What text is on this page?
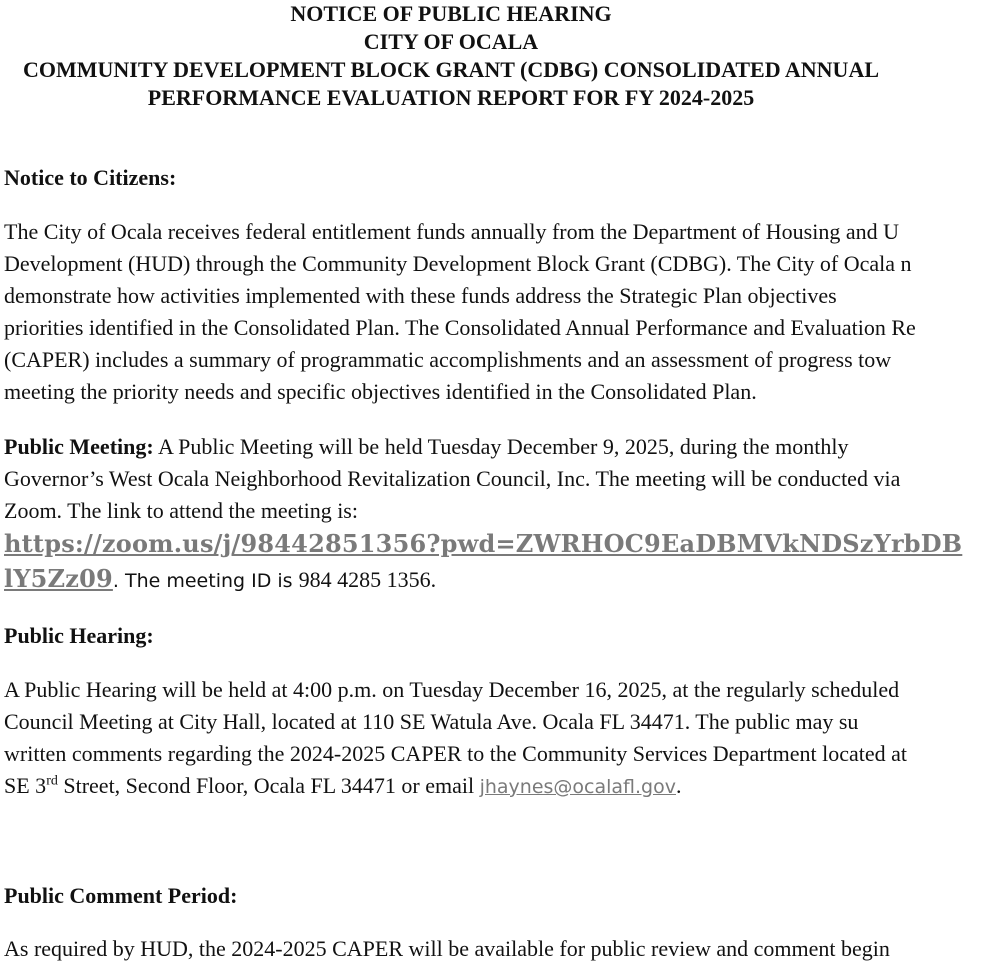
NOTICE OF PUBLIC HEARING
CITY OF OCALA
COMMUNITY DEVELOPMENT BLOCK GRANT (CDBG) CONSOLIDATED ANNUAL
PERFORMANCE EVALUATION REPORT FOR FY 2024-2025
Notice to Citizens:
The City of Ocala receives federal entitlement funds annually from the Department of Housing and U
Development (HUD) through the Community Development Block Grant (CDBG). The City of Ocala n
demonstrate how activities implemented with these funds address the Strategic Plan objectives
priorities identified in the Consolidated Plan. The Consolidated Annual Performance and Evaluation Re
(CAPER) includes a summary of programmatic accomplishments and an assessment of progress tow
meeting the priority needs and specific objectives identified in the Consolidated Plan.
Public Meeting: A Public Meeting will be held Tuesday December 9, 2025, during the monthly
Governor’s West Ocala Neighborhood Revitalization Council, Inc. The meeting will be conducted via
Zoom. The link to attend the meeting is:
https://zoom.us/j/98442851356?pwd=ZWRHOC9EaDBMVkNDSzYrbDB
lY5Zz09. The meeting ID is 984 4285 1356.
Public Hearing:
A Public Hearing will be held at 4:00 p.m. on Tuesday December 16, 2025, at the regularly scheduled
Council Meeting at City Hall, located at 110 SE Watula Ave. Ocala FL 34471. The public may su
written comments regarding the 2024-2025 CAPER to the Community Services Department located at
SE 3rd Street, Second Floor, Ocala FL 34471 or email jhaynes@ocalafl.gov.
Public Comment Period:
As required by HUD, the 2024-2025 CAPER will be available for public review and comment begin
